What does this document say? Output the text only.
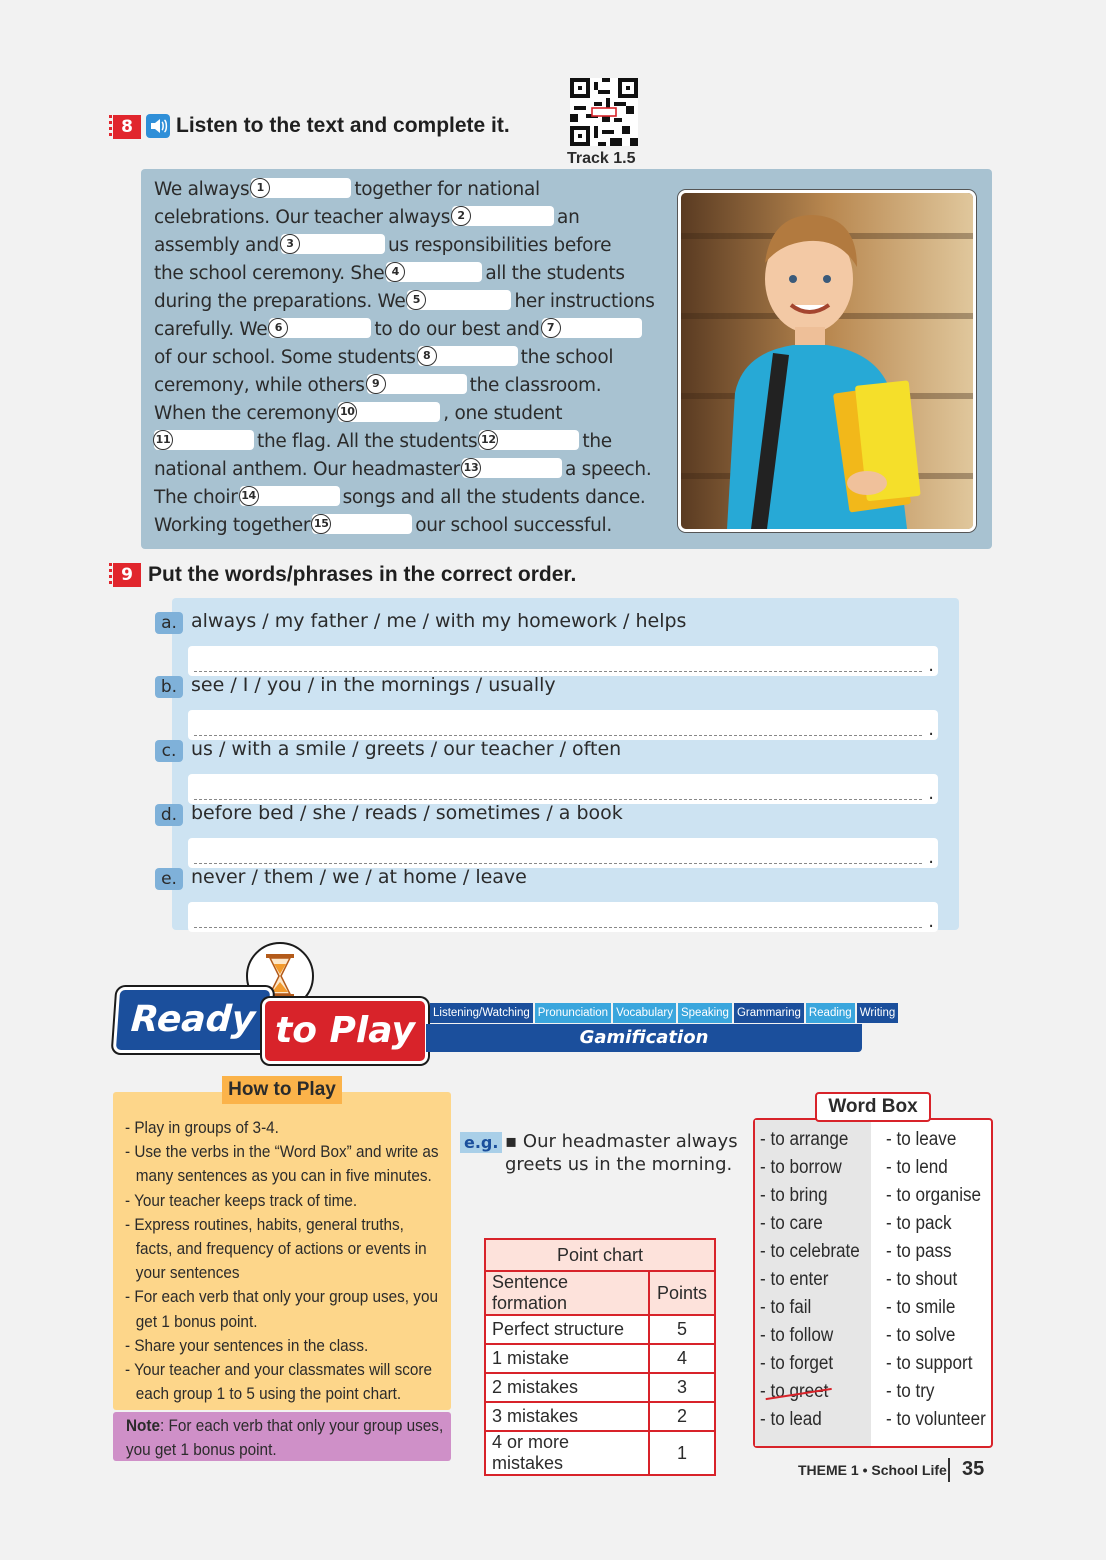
8	Listen to the text and complete it.
Track 1.5
We always 1	together for national
celebrations. Our teacher always 2	an
assembly and 3	us responsibilities before
the school ceremony. She 4	all the students
during the preparations. We 5	her instructions
carefully. We 6	to do our best and 7

of our school. Some students 8	the school
ceremony, while others 9	the classroom.
When the ceremony 10	, one student

11	the flag. All the students 12	the
national anthem. Our headmaster 13	a speech.
The choir 14	songs and all the students dance.
Working together 15	our school successful.
9 Put the words/phrases in the correct order.
a. always / my father / me / with my homework / helps
.
b. see / I / you / in the mornings / usually
.
c. us / with a smile / greets / our teacher / often
.
d. before bed / she / reads / sometimes / a book
.
e. never / them / we / at home / leave
.
Ready to Play	Listening/Watching Pronunciation Vocabulary Speaking Grammaring Reading Writing
Gamification
How to Play
- Play in groups of 3-4.
- Use the verbs in the “Word Box” and write as many sentences as you can in five minutes.
- Your teacher keeps track of time.
- Express routines, habits, general truths, facts, and frequency of actions or events in your sentences
- For each verb that only your group uses, you get 1 bonus point.
- Share your sentences in the class.
- Your teacher and your classmates will score each group 1 to 5 using the point chart.
Note: For each verb that only your group uses, you get 1 bonus point.
e.g. ▪ Our headmaster always greets us in the morning.
Point chart	
Sentence formation	Points
Perfect structure	5
1 mistake	4
2 mistakes	3
3 mistakes	2
4 or more mistakes	1
Word Box
- to arrange
- to borrow
- to bring
- to care
- to celebrate
- to enter
- to fail
- to follow
- to forget
- to greet
- to lead
- to leave
- to lend
- to organise
- to pack
- to pass
- to shout
- to smile
- to solve
- to support
- to try
- to volunteer
THEME 1 • School Life 35
